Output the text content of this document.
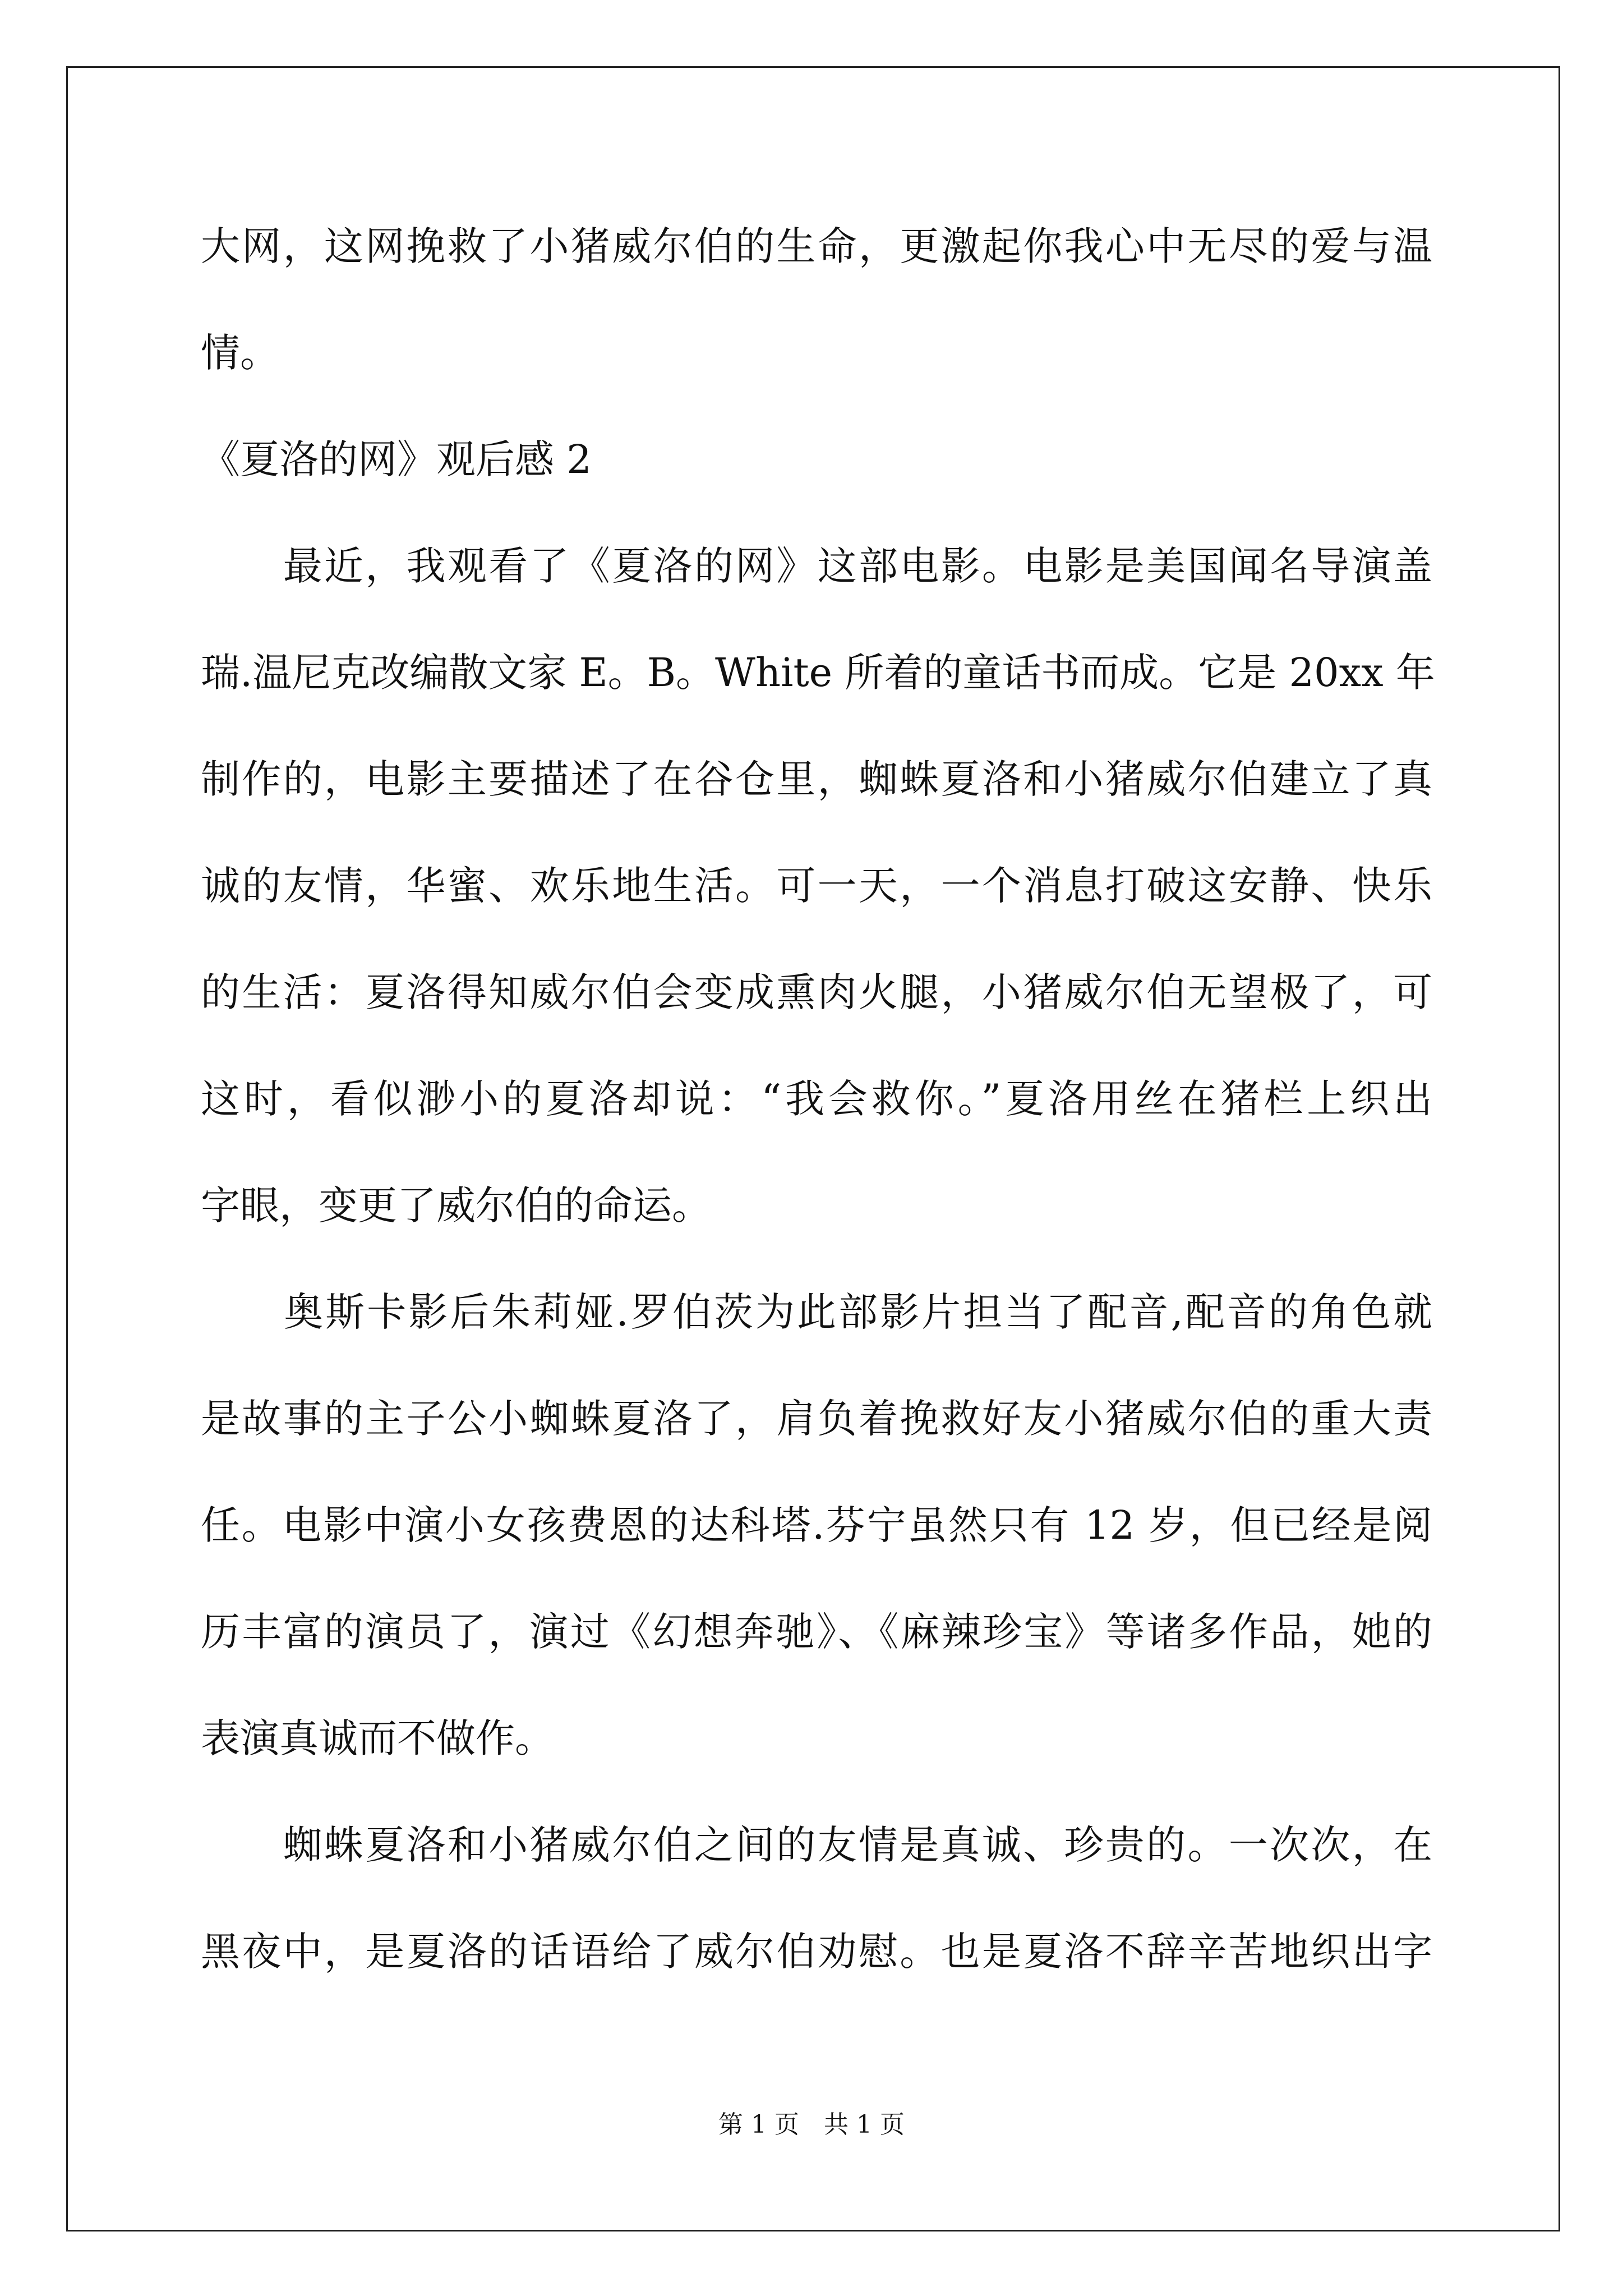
大网，这网挽救了小猪威尔伯的生命，更激起你我心中无尽的爱与温

情。

《夏洛的网》观后感 2

　　最近，我观看了《夏洛的网》这部电影。电影是美国闻名导演盖

瑞.温尼克改编散文家 E。B。White 所着的童话书而成。它是 20xx 年

制作的，电影主要描述了在谷仓里，蜘蛛夏洛和小猪威尔伯建立了真

诚的友情，华蜜、欢乐地生活。可一天，一个消息打破这安静、快乐

的生活：夏洛得知威尔伯会变成熏肉火腿，小猪威尔伯无望极了，可

这时，看似渺小的夏洛却说：“我会救你。”夏洛用丝在猪栏上织出

字眼，变更了威尔伯的命运。

　　奥斯卡影后朱莉娅.罗伯茨为此部影片担当了配音,配音的角色就

是故事的主子公小蜘蛛夏洛了，肩负着挽救好友小猪威尔伯的重大责

任。电影中演小女孩费恩的达科塔.芬宁虽然只有 12 岁，但已经是阅

历丰富的演员了，演过《幻想奔驰》、《麻辣珍宝》等诸多作品，她的

表演真诚而不做作。

　　蜘蛛夏洛和小猪威尔伯之间的友情是真诚、珍贵的。一次次，在

黑夜中，是夏洛的话语给了威尔伯劝慰。也是夏洛不辞辛苦地织出字

第 1 页　共 1 页
